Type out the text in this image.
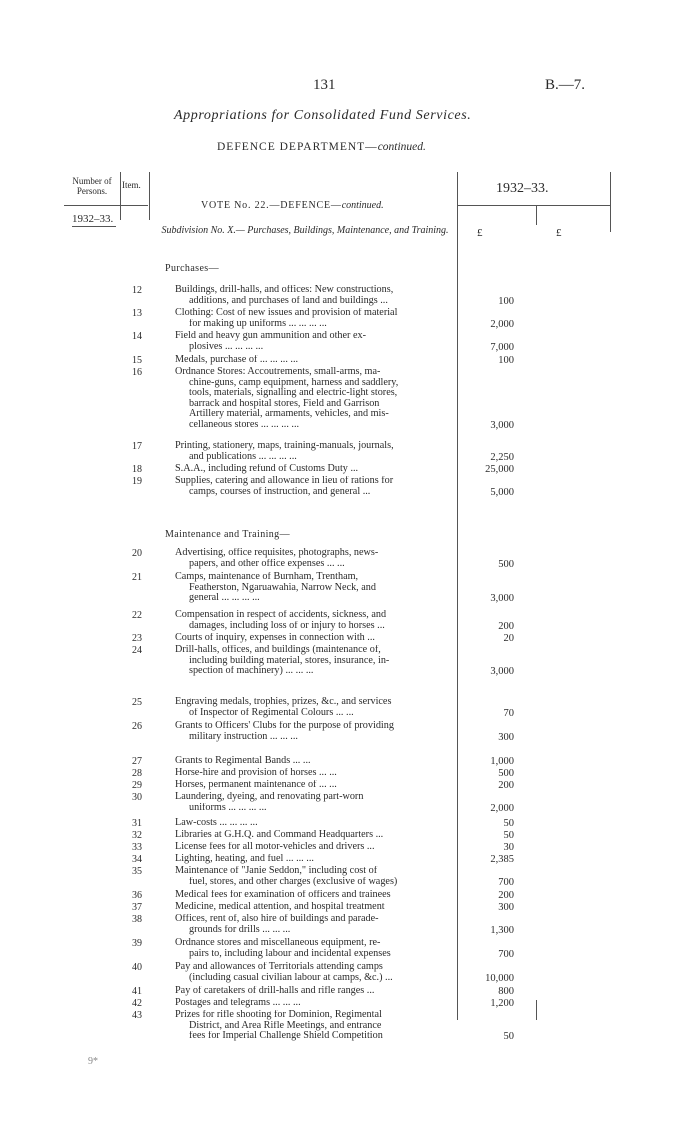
131	B.—7.
Appropriations for Consolidated Fund Services.
DEFENCE DEPARTMENT—continued.
Number of Persons.
Item.	1932–33.
1932–33.
VOTE No. 22.—DEFENCE—continued.
Subdivision No. X.— Purchases, Buildings, Maintenance, and Training.	£	£
Purchases—
Maintenance and Training—
12	Buildings, drill-halls, and offices: New constructions,
additions, and purchases of land and buildings ...	100
13	Clothing: Cost of new issues and provision of material
for making up uniforms ... ... ... ...	2,000
14	Field and heavy gun ammunition and other ex-
plosives ... ... ... ...	7,000
15	Medals, purchase of ... ... ... ...	100
16	Ordnance Stores: Accoutrements, small-arms, ma-
chine-guns, camp equipment, harness and saddlery,
tools, materials, signalling and electric-light stores,
barrack and hospital stores, Field and Garrison
Artillery material, armaments, vehicles, and mis-
cellaneous stores ... ... ... ...	3,000
17	Printing, stationery, maps, training-manuals, journals,
and publications ... ... ... ...	2,250
18	S.A.A., including refund of Customs Duty ...	25,000
19	Supplies, catering and allowance in lieu of rations for
camps, courses of instruction, and general ...	5,000
20	Advertising, office requisites, photographs, news-
papers, and other office expenses ... ...	500
21	Camps, maintenance of Burnham, Trentham,
Featherston, Ngaruawahia, Narrow Neck, and
general ... ... ... ...	3,000
22	Compensation in respect of accidents, sickness, and
damages, including loss of or injury to horses ...	200
23	Courts of inquiry, expenses in connection with ...	20
24	Drill-halls, offices, and buildings (maintenance of,
including building material, stores, insurance, in-
spection of machinery) ... ... ...	3,000
25	Engraving medals, trophies, prizes, &c., and services
of Inspector of Regimental Colours ... ...	70
26	Grants to Officers' Clubs for the purpose of providing
military instruction ... ... ...	300
27	Grants to Regimental Bands ... ...	1,000
28	Horse-hire and provision of horses ... ...	500
29	Horses, permanent maintenance of ... ...	200
30	Laundering, dyeing, and renovating part-worn
uniforms ... ... ... ...	2,000
31	Law-costs ... ... ... ...	50
32	Libraries at G.H.Q. and Command Headquarters ...	50
33	License fees for all motor-vehicles and drivers ...	30
34	Lighting, heating, and fuel ... ... ...	2,385
35	Maintenance of "Janie Seddon," including cost of
fuel, stores, and other charges (exclusive of wages)	700
36	Medical fees for examination of officers and trainees	200
37	Medicine, medical attention, and hospital treatment	300
38	Offices, rent of, also hire of buildings and parade-
grounds for drills ... ... ...	1,300
39	Ordnance stores and miscellaneous equipment, re-
pairs to, including labour and incidental expenses	700
40	Pay and allowances of Territorials attending camps
(including casual civilian labour at camps, &c.) ...	10,000
41	Pay of caretakers of drill-halls and rifle ranges ...	800
42	Postages and telegrams ... ... ...	1,200
43	Prizes for rifle shooting for Dominion, Regimental
District, and Area Rifle Meetings, and entrance
fees for Imperial Challenge Shield Competition	50
9*
